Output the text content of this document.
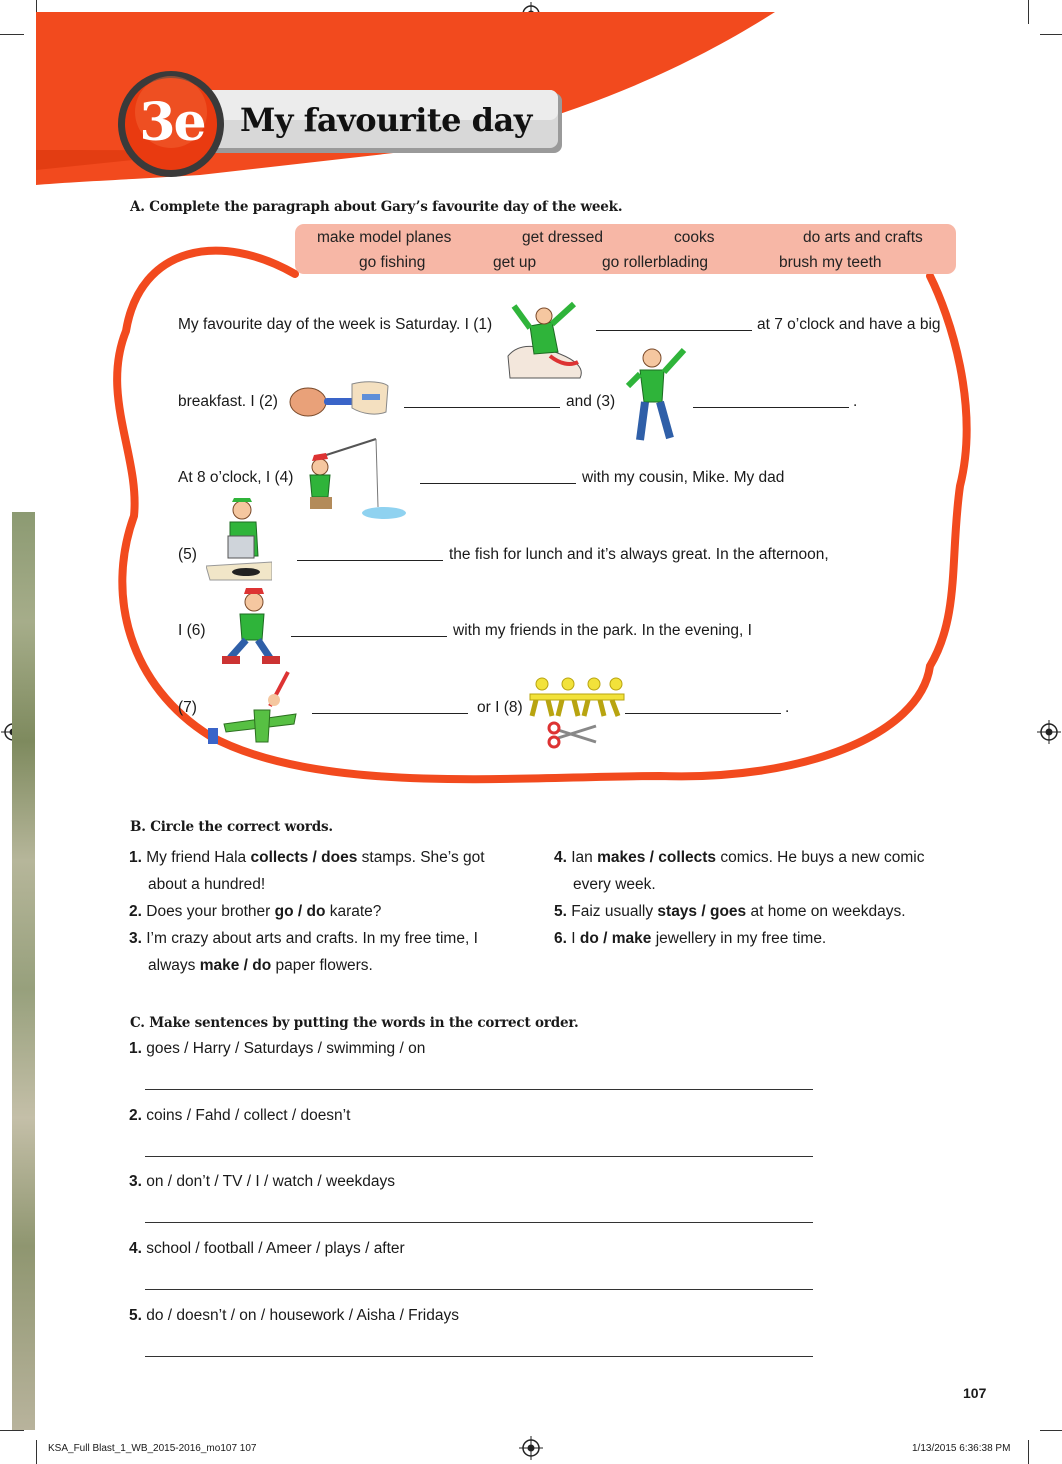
3e My favourite day
A. Complete the paragraph about Gary’s favourite day of the week.
make model planes	get dressed	cooks	do arts and crafts
go fishing	get up	go rollerblading	brush my teeth
My favourite day of the week is Saturday. I (1)	at 7 o’clock and have a big
breakfast. I (2)	and (3)	.
At 8 o’clock, I (4)	with my cousin, Mike. My dad
(5)	the fish for lunch and it’s always great. In the afternoon,
I (6)	with my friends in the park. In the evening, I
(7)	or I (8)	.
B. Circle the correct words.
1. My friend Hala collects / does stamps. She’s got
about a hundred!
2. Does your brother go / do karate?
3. I’m crazy about arts and crafts. In my free time, I
always make / do paper flowers.
4. Ian makes / collects comics. He buys a new comic
every week.
5. Faiz usually stays / goes at home on weekdays.
6. I do / make jewellery in my free time.
C. Make sentences by putting the words in the correct order.
1. goes / Harry / Saturdays / swimming / on
2. coins / Fahd / collect / doesn’t
3. on / don’t / TV / I / watch / weekdays
4. school / football / Ameer / plays / after
5. do / doesn’t / on / housework / Aisha / Fridays
107
KSA_Full Blast_1_WB_2015-2016_mo107 107	1/13/2015 6:36:38 PM
